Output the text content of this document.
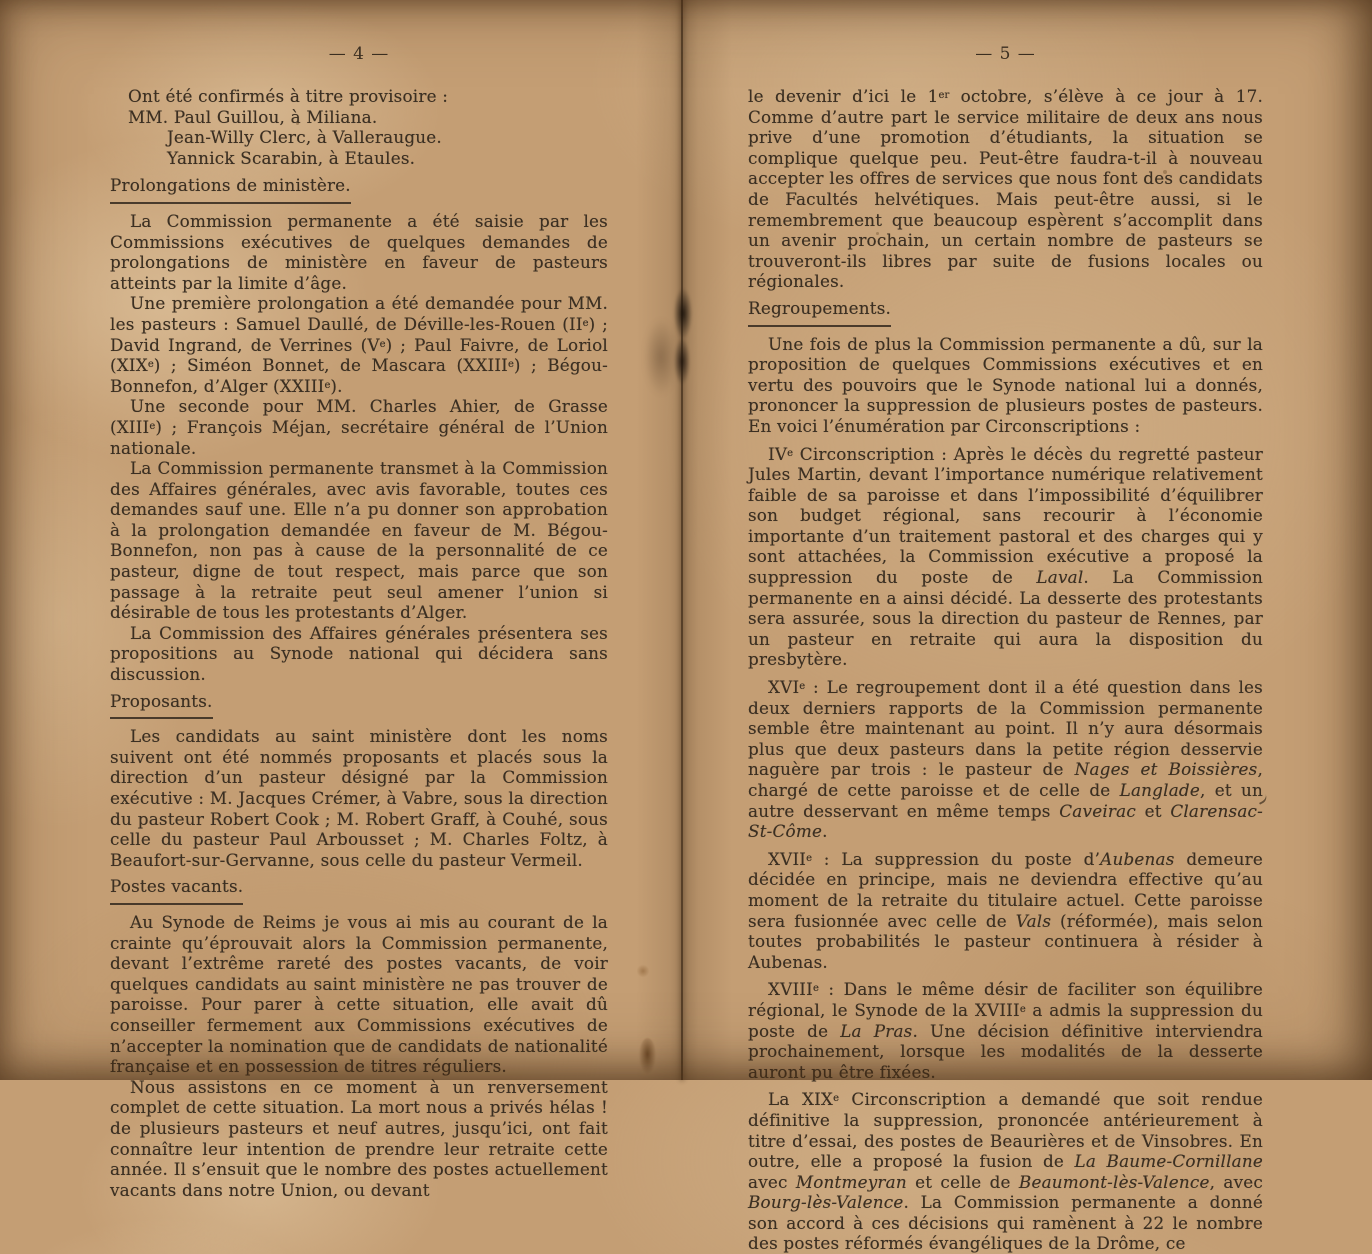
— 4 —
Ont été confirmés à titre provisoire :
MM. Paul Guillou, à Miliana.
Jean-Willy Clerc, à Valleraugue.
Yannick Scarabin, à Etaules.
Prolongations de ministère.

La Commission permanente a été saisie par les Commissions exécutives de quelques demandes de prolongations de ministère en faveur de pasteurs atteints par la limite d’âge.

Une première prolongation a été demandée pour MM. les pasteurs : Samuel Daullé, de Déville-les-Rouen (IIe) ; David Ingrand, de Verrines (Ve) ; Paul Faivre, de Loriol (XIXe) ; Siméon Bonnet, de Mascara (XXIIIe) ; Bégou-Bonnefon, d’Alger (XXIIIe).

Une seconde pour MM. Charles Ahier, de Grasse (XIIIe) ; François Méjan, secrétaire général de l’Union nationale.

La Commission permanente transmet à la Commission des Affaires générales, avec avis favorable, toutes ces demandes sauf une. Elle n’a pu donner son approbation à la prolongation demandée en faveur de M. Bégou-Bonnefon, non pas à cause de la personnalité de ce pasteur, digne de tout respect, mais parce que son passage à la retraite peut seul amener l’union si désirable de tous les protestants d’Alger.

La Commission des Affaires générales présentera ses propositions au Synode national qui décidera sans discussion.

Proposants.

Les candidats au saint ministère dont les noms suivent ont été nommés proposants et placés sous la direction d’un pasteur désigné par la Commission exécutive : M. Jacques Crémer, à Vabre, sous la direction du pasteur Robert Cook ; M. Robert Graff, à Couhé, sous celle du pasteur Paul Arbousset ; M. Charles Foltz, à Beaufort-sur-Gervanne, sous celle du pasteur Vermeil.

Postes vacants.

Au Synode de Reims je vous ai mis au courant de la crainte qu’éprouvait alors la Commission permanente, devant l’extrême rareté des postes vacants, de voir quelques candidats au saint ministère ne pas trouver de paroisse. Pour parer à cette situation, elle avait dû conseiller fermement aux Commissions exécutives de n’accepter la nomination que de candidats de nationalité française et en possession de titres réguliers.

Nous assistons en ce moment à un renversement complet de cette situation. La mort nous a privés hélas ! de plusieurs pasteurs et neuf autres, jusqu’ici, ont fait connaître leur intention de prendre leur retraite cette année. Il s’ensuit que le nombre des postes actuellement vacants dans notre Union, ou devant

— 5 —

le devenir d’ici le 1er octobre, s’élève à ce jour à 17. Comme d’autre part le service militaire de deux ans nous prive d’une promotion d’étudiants, la situation se complique quelque peu. Peut-être faudra-t-il à nouveau accepter les offres de services que nous font des candidats de Facultés helvétiques. Mais peut-être aussi, si le remembrement que beaucoup espèrent s’accomplit dans un avenir prochain, un certain nombre de pasteurs se trouveront-ils libres par suite de fusions locales ou régionales.

Regroupements.

Une fois de plus la Commission permanente a dû, sur la proposition de quelques Commissions exécutives et en vertu des pouvoirs que le Synode national lui a donnés, prononcer la suppression de plusieurs postes de pasteurs. En voici l’énumération par Circonscriptions :

IVe Circonscription : Après le décès du regretté pasteur Jules Martin, devant l’importance numérique relativement faible de sa paroisse et dans l’impossibilité d’équilibrer son budget régional, sans recourir à l’économie importante d’un traitement pastoral et des charges qui y sont attachées, la Commission exécutive a proposé la suppression du poste de Laval. La Commission permanente en a ainsi décidé. La desserte des protestants sera assurée, sous la direction du pasteur de Rennes, par un pasteur en retraite qui aura la disposition du presbytère.

XVIe : Le regroupement dont il a été question dans les deux derniers rapports de la Commission permanente semble être maintenant au point. Il n’y aura désormais plus que deux pasteurs dans la petite région desservie naguère par trois : le pasteur de Nages et Boissières, chargé de cette paroisse et de celle de Langlade, et un autre desservant en même temps Caveirac et Clarensac-St-Côme.

XVIIe : La suppression du poste d’Aubenas demeure décidée en principe, mais ne deviendra effective qu’au moment de la retraite du titulaire actuel. Cette paroisse sera fusionnée avec celle de Vals (réformée), mais selon toutes probabilités le pasteur continuera à résider à Aubenas.

XVIIIe : Dans le même désir de faciliter son équilibre régional, le Synode de la XVIIIe a admis la suppression du poste de La Pras. Une décision définitive interviendra prochainement, lorsque les modalités de la desserte auront pu être fixées.

La XIXe Circonscription a demandé que soit rendue définitive la suppression, prononcée antérieurement à titre d’essai, des postes de Beaurières et de Vinsobres. En outre, elle a proposé la fusion de La Baume-Cornillane avec Montmeyran et celle de Beaumont-lès-Valence, avec Bourg-lès-Valence. La Commission permanente a donné son accord à ces décisions qui ramènent à 22 le nombre des postes réformés évangéliques de la Drôme, ce
